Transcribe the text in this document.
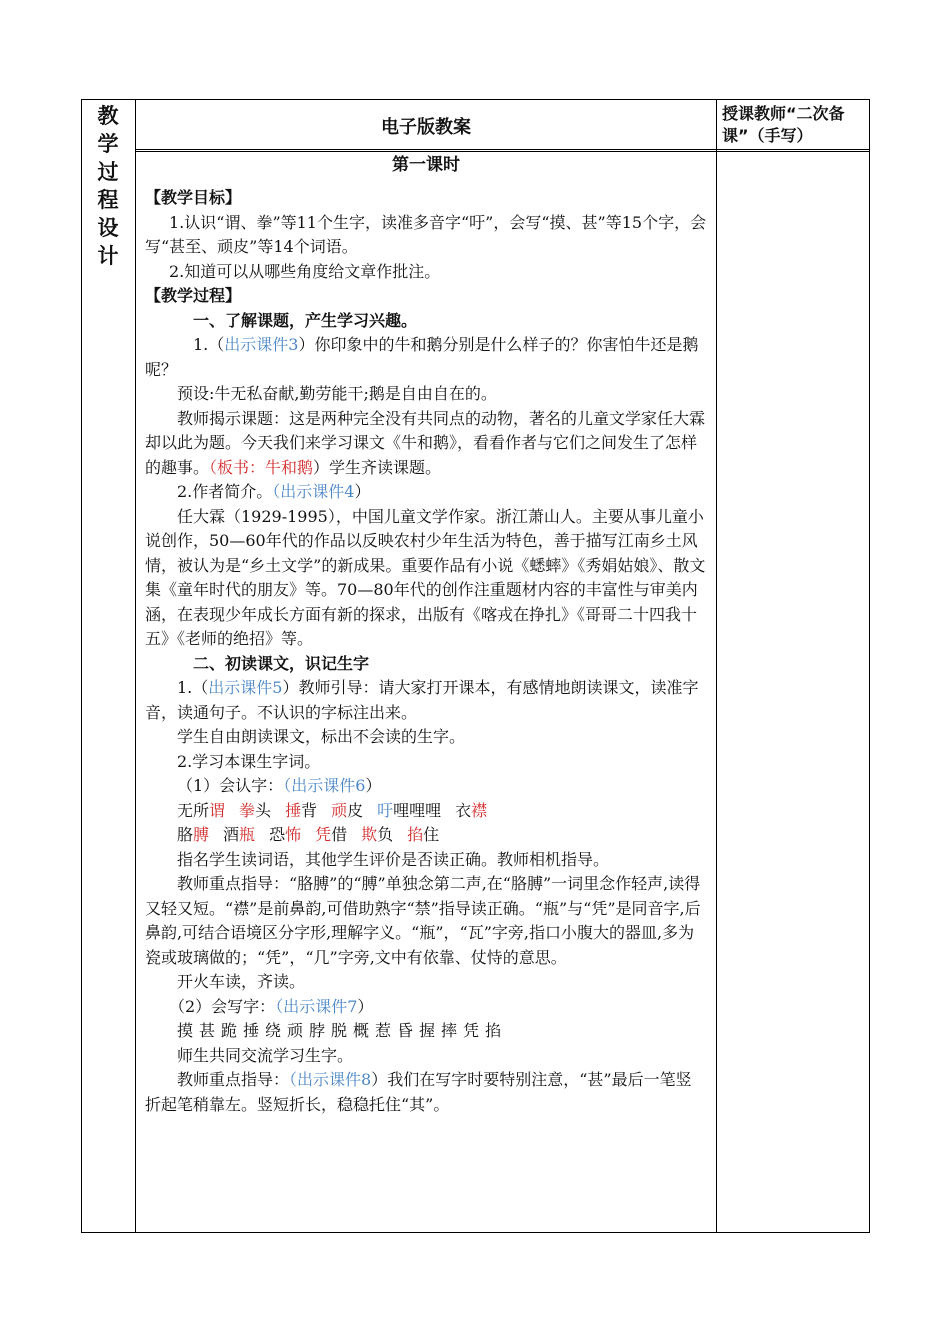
教
学
过
程
设
计
电子版教案
授课教师“二次备课”（手写）

第一课时

【教学目标】

1.认识“谓、拳”等11个生字，读准多音字“吁”，会写“摸、甚”等15个字，会写“甚至、顽皮”等14个词语。

2.知道可以从哪些角度给文章作批注。

【教学过程】

一、了解课题，产生学习兴趣。

1.（出示课件3）你印象中的牛和鹅分别是什么样子的？你害怕牛还是鹅呢？

预设:牛无私奋献,勤劳能干;鹅是自由自在的。

教师揭示课题：这是两种完全没有共同点的动物，著名的儿童文学家任大霖却以此为题。今天我们来学习课文《牛和鹅》，看看作者与它们之间发生了怎样的趣事。（板书：牛和鹅）学生齐读课题。

2.作者简介。（出示课件4）

任大霖（1929-1995），中国儿童文学作家。浙江萧山人。主要从事儿童小说创作，50—60年代的作品以反映农村少年生活为特色，善于描写江南乡土风情，被认为是“乡土文学”的新成果。重要作品有小说《蟋蟀》《秀娟姑娘》、散文集《童年时代的朋友》等。70—80年代的创作注重题材内容的丰富性与审美内涵，在表现少年成长方面有新的探求，出版有《喀戎在挣扎》《哥哥二十四我十五》《老师的绝招》等。

二、初读课文，识记生字

1.（出示课件5）教师引导：请大家打开课本，有感情地朗读课文，读准字音，读通句子。不认识的字标注出来。

学生自由朗读课文，标出不会读的生字。

2.学习本课生字词。

（1）会认字：（出示课件6）

无所谓 拳头 捶背 顽皮 吁哩哩哩 衣襟

胳膊 酒瓶 恐怖 凭借 欺负 掐住

指名学生读词语，其他学生评价是否读正确。教师相机指导。

教师重点指导：“胳膊”的“膊”单独念第二声,在“胳膊”一词里念作轻声,读得又轻又短。“襟”是前鼻韵,可借助熟字“禁”指导读正确。“瓶”与“凭”是同音字,后鼻韵,可结合语境区分字形,理解字义。“瓶”，“瓦”字旁,指口小腹大的器皿,多为瓷或玻璃做的；“凭”，“几”字旁,文中有依靠、仗恃的意思。

开火车读，齐读。

（2）会写字：（出示课件7）

摸甚跪捶绕顽脖脱概惹昏握摔凭掐

师生共同交流学习生字。

教师重点指导：（出示课件8）我们在写字时要特别注意，“甚”最后一笔竖折起笔稍靠左。竖短折长，稳稳托住“其”。
